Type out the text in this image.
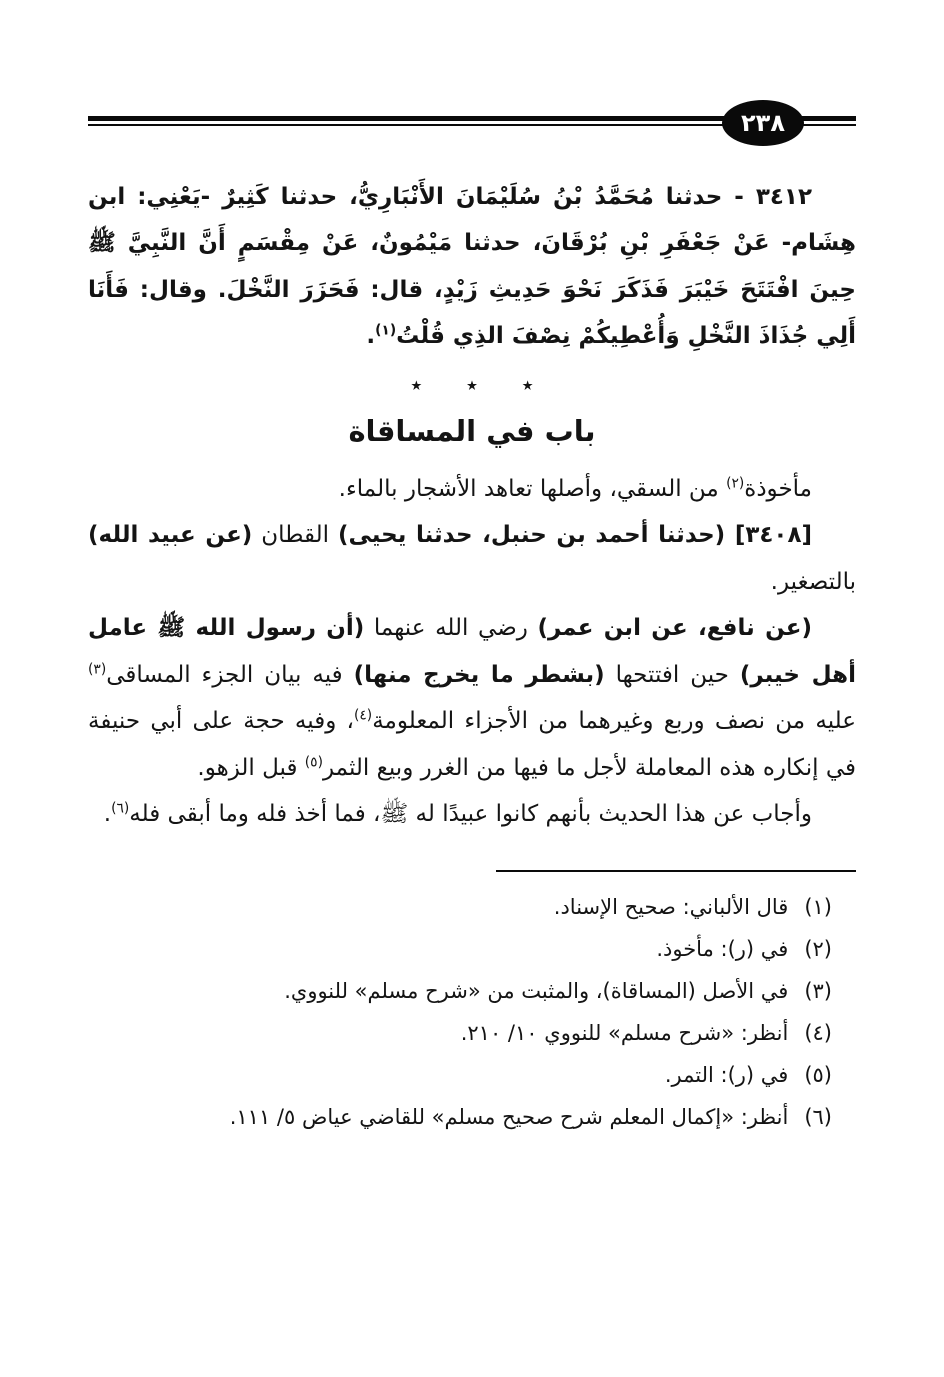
٢٣٨

٣٤١٢ - حدثنا مُحَمَّدُ بْنُ سُلَيْمَانَ الأَنْبَارِيُّ، حدثنا كَثِيرٌ -يَعْنِي: ابن هِشَام- عَنْ جَعْفَرِ بْنِ بُرْقَانَ، حدثنا مَيْمُونٌ، عَنْ مِقْسَمٍ أَنَّ النَّبِيَّ ﷺ حِينَ افْتَتَحَ خَيْبَرَ فَذَكَرَ نَحْوَ حَدِيثِ زَيْدٍ، قال: فَحَزَرَ النَّخْلَ. وقال: فَأَنَا أَلِي جُذَاذَ النَّخْلِ وَأُعْطِيكُمْ نِصْفَ الذِي قُلْتُ$^{(١)}$.

٭ ٭ ٭
باب في المساقاة

مأخوذة$^{(٢)}$ من السقي، وأصلها تعاهد الأشجار بالماء.

[٣٤٠٨] (حدثنا أحمد بن حنبل، حدثنا يحيى) القطان (عن عبيد الله) بالتصغير.

(عن نافع، عن ابن عمر) رضي الله عنهما (أن رسول الله ﷺ عامل أهل خيبر) حين افتتحها (بشطر ما يخرج منها) فيه بيان الجزء المساقى$^{(٣)}$ عليه من نصف وربع وغيرهما من الأجزاء المعلومة$^{(٤)}$، وفيه حجة على أبي حنيفة في إنكاره هذه المعاملة لأجل ما فيها من الغرر وبيع الثمر$^{(٥)}$ قبل الزهو.

وأجاب عن هذا الحديث بأنهم كانوا عبيدًا له ﷺ، فما أخذ فله وما أبقى فله$^{(٦)}$.

(١)قال الألباني: صحيح الإسناد.
(٢)في (ر): مأخوذ.
(٣)في الأصل (المساقاة)، والمثبت من «شرح مسلم» للنووي.
(٤)أنظر: «شرح مسلم» للنووي ١٠/ ٢١٠.
(٥)في (ر): التمر.
(٦)أنظر: «إكمال المعلم شرح صحيح مسلم» للقاضي عياض ٥/ ١١١.
